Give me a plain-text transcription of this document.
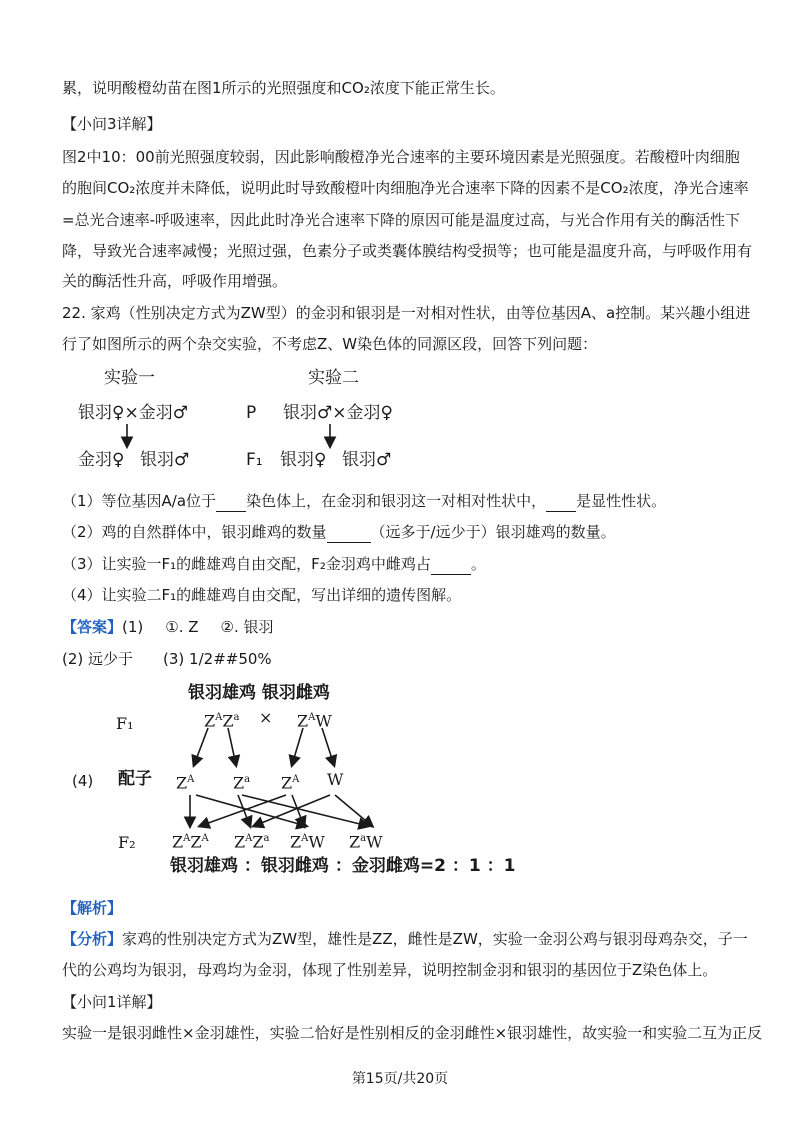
累，说明酸橙幼苗在图1所示的光照强度和CO₂浓度下能正常生长。
【小问3详解】
图2中10：00前光照强度较弱，因此影响酸橙净光合速率的主要环境因素是光照强度。若酸橙叶肉细胞
的胞间CO₂浓度并未降低，说明此时导致酸橙叶肉细胞净光合速率下降的因素不是CO₂浓度，净光合速率
=总光合速率-呼吸速率，因此此时净光合速率下降的原因可能是温度过高，与光合作用有关的酶活性下
降，导致光合速率减慢；光照过强，色素分子或类囊体膜结构受损等；也可能是温度升高，与呼吸作用有
关的酶活性升高，呼吸作用增强。
22. 家鸡（性别决定方式为ZW型）的金羽和银羽是一对相对性状，由等位基因A、a控制。某兴趣小组进
行了如图所示的两个杂交实验，不考虑Z、W染色体的同源区段，回答下列问题：
实验一	实验二
银羽♀×金羽♂	P 银羽♂×金羽♀
金羽♀ 银羽♂	F₁ 银羽♀ 银羽♂
（1）等位基因A/a位于 染色体上，在金羽和银羽这一对相对性状中， 是显性性状。
（2）鸡的自然群体中，银羽雌鸡的数量	（远多于/远少于）银羽雄鸡的数量。
（3）让实验一F₁的雌雄鸡自由交配，F₂金羽鸡中雌鸡占	。
（4）让实验二F₁的雌雄鸡自由交配，写出详细的遗传图解。
【答案】(1) ①. Z ②. 银羽
(2) 远少于 (3) 1/2##50%
银羽雄鸡 银羽雌鸡
F₁	$Z^AZ^a \times Z^AW$
(4) 配子 $Z^A$ $Z^a$ $Z^A$ W
F₂ $Z^AZ^A$ $Z^AZ^a$ $Z^AW$ $Z^aW$
银羽雄鸡 ：银羽雌鸡 ：金羽雌鸡=2 ：1 ：1
【解析】
【分析】家鸡的性别决定方式为ZW型，雄性是ZZ，雌性是ZW，实验一金羽公鸡与银羽母鸡杂交，子一
代的公鸡均为银羽，母鸡均为金羽，体现了性别差异，说明控制金羽和银羽的基因位于Z染色体上。
【小问1详解】
实验一是银羽雌性×金羽雄性，实验二恰好是性别相反的金羽雌性×银羽雄性，故实验一和实验二互为正反
第15页/共20页
